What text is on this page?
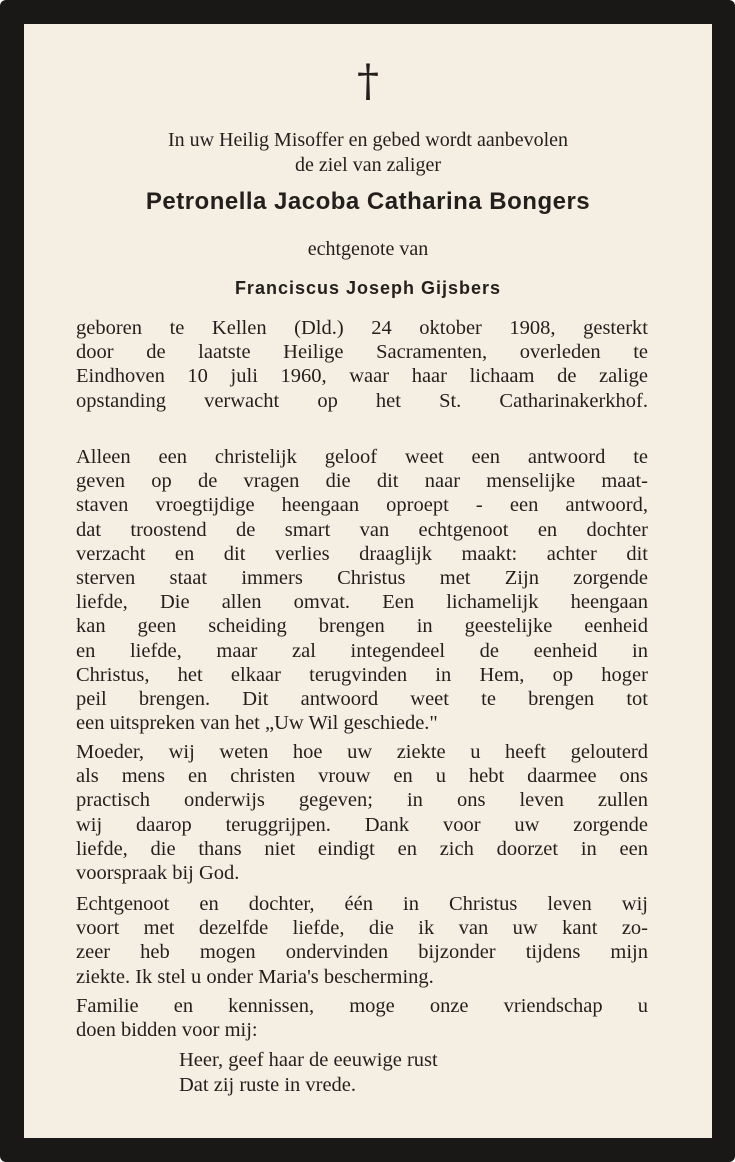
†
In uw Heilig Misoffer en gebed wordt aanbevolen
de ziel van zaliger
Petronella Jacoba Catharina Bongers
echtgenote van
Franciscus Joseph Gijsbers
geboren te Kellen (Dld.) 24 oktober 1908, gesterkt
door de laatste Heilige Sacramenten, overleden te
Eindhoven 10 juli 1960, waar haar lichaam de zalige
opstanding verwacht op het St. Catharinakerkhof.
Alleen een christelijk geloof weet een antwoord te
geven op de vragen die dit naar menselijke maat-
staven vroegtijdige heengaan oproept - een antwoord,
dat troostend de smart van echtgenoot en dochter
verzacht en dit verlies draaglijk maakt: achter dit
sterven staat immers Christus met Zijn zorgende
liefde, Die allen omvat. Een lichamelijk heengaan
kan geen scheiding brengen in geestelijke eenheid
en liefde, maar zal integendeel de eenheid in
Christus, het elkaar terugvinden in Hem, op hoger
peil brengen. Dit antwoord weet te brengen tot
een uitspreken van het „Uw Wil geschiede."
Moeder, wij weten hoe uw ziekte u heeft gelouterd
als mens en christen vrouw en u hebt daarmee ons
practisch onderwijs gegeven; in ons leven zullen
wij daarop teruggrijpen. Dank voor uw zorgende
liefde, die thans niet eindigt en zich doorzet in een
voorspraak bij God.
Echtgenoot en dochter, één in Christus leven wij
voort met dezelfde liefde, die ik van uw kant zo-
zeer heb mogen ondervinden bijzonder tijdens mijn
ziekte. Ik stel u onder Maria's bescherming.
Familie en kennissen, moge onze vriendschap u
doen bidden voor mij:
Heer, geef haar de eeuwige rust
Dat zij ruste in vrede.
